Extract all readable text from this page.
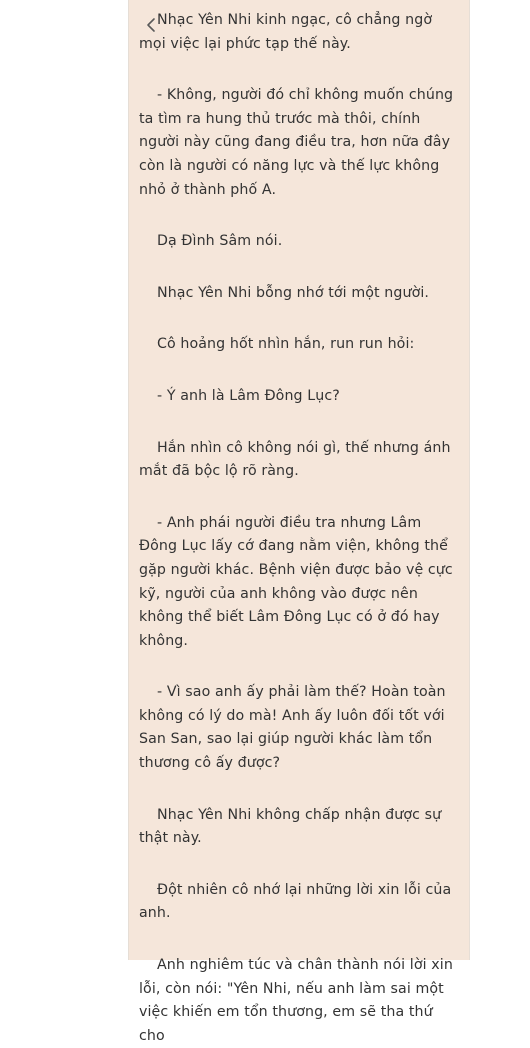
Nhạc Yên Nhi kinh ngạc, cô chẳng ngờ mọi việc lại phức tạp thế này.

- Không, người đó chỉ không muốn chúng ta tìm ra hung thủ trước mà thôi, chính người này cũng đang điều tra, hơn nữa đây còn là người có năng lực và thế lực không nhỏ ở thành phố A.

Dạ Đình Sâm nói.

Nhạc Yên Nhi bỗng nhớ tới một người.

Cô hoảng hốt nhìn hắn, run run hỏi:

- Ý anh là Lâm Đông Lục?

Hắn nhìn cô không nói gì, thế nhưng ánh mắt đã bộc lộ rõ ràng.

- Anh phái người điều tra nhưng Lâm Đông Lục lấy cớ đang nằm viện, không thể gặp người khác. Bệnh viện được bảo vệ cực kỹ, người của anh không vào được nên không thể biết Lâm Đông Lục có ở đó hay không.

- Vì sao anh ấy phải làm thế? Hoàn toàn không có lý do mà! Anh ấy luôn đối tốt với San San, sao lại giúp người khác làm tổn thương cô ấy được?

Nhạc Yên Nhi không chấp nhận được sự thật này.

Đột nhiên cô nhớ lại những lời xin lỗi của anh.

Anh nghiêm túc và chân thành nói lời xin lỗi, còn nói: "Yên Nhi, nếu anh làm sai một việc khiến em tổn thương, em sẽ tha thứ cho
